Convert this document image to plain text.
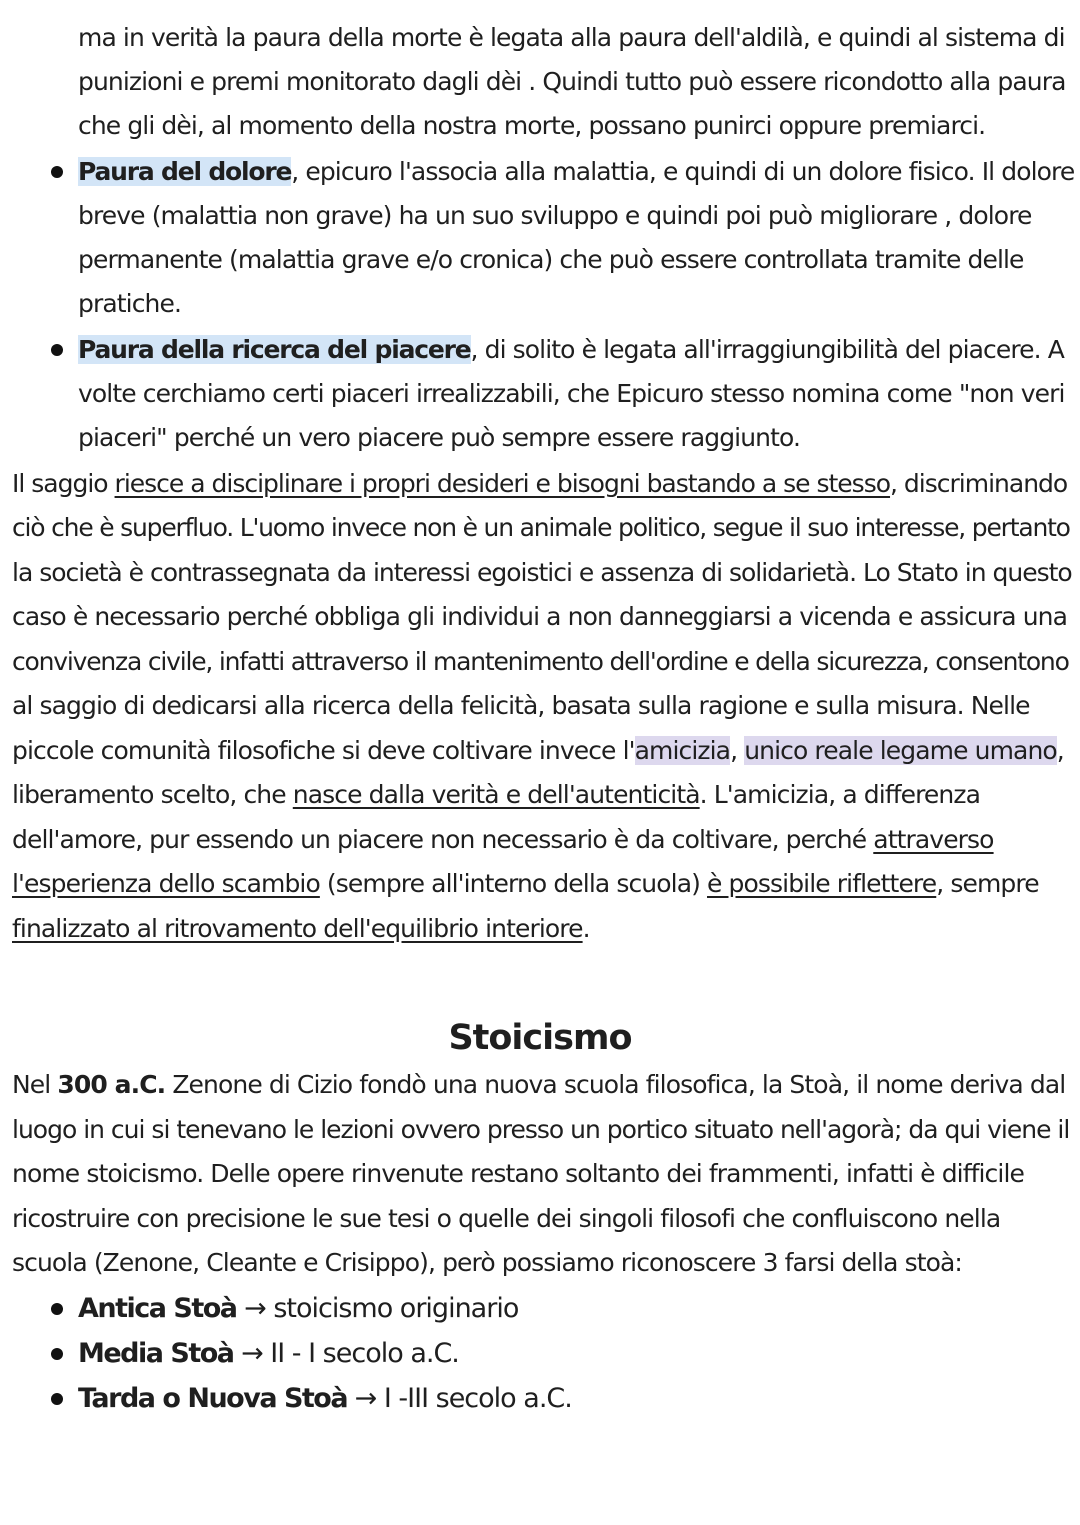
ma in verità la paura della morte è legata alla paura dell'aldilà, e quindi al sistema di
punizioni e premi monitorato dagli dèi . Quindi tutto può essere ricondotto alla paura
che gli dèi, al momento della nostra morte, possano punirci oppure premiarci.
Paura del dolore, epicuro l'associa alla malattia, e quindi di un dolore fisico. Il dolore
breve (malattia non grave) ha un suo sviluppo e quindi poi può migliorare , dolore
permanente (malattia grave e/o cronica) che può essere controllata tramite delle
pratiche.
Paura della ricerca del piacere, di solito è legata all'irraggiungibilità del piacere. A
volte cerchiamo certi piaceri irrealizzabili, che Epicuro stesso nomina come "non veri
piaceri" perché un vero piacere può sempre essere raggiunto.
Il saggio riesce a disciplinare i propri desideri e bisogni bastando a se stesso, discriminando
ciò che è superfluo. L'uomo invece non è un animale politico, segue il suo interesse, pertanto
la società è contrassegnata da interessi egoistici e assenza di solidarietà. Lo Stato in questo
caso è necessario perché obbliga gli individui a non danneggiarsi a vicenda e assicura una
convivenza civile, infatti attraverso il mantenimento dell'ordine e della sicurezza, consentono
al saggio di dedicarsi alla ricerca della felicità, basata sulla ragione e sulla misura. Nelle
piccole comunità filosofiche si deve coltivare invece l'amicizia, unico reale legame umano,
liberamento scelto, che nasce dalla verità e dell'autenticità. L'amicizia, a differenza
dell'amore, pur essendo un piacere non necessario è da coltivare, perché attraverso
l'esperienza dello scambio (sempre all'interno della scuola) è possibile riflettere, sempre
finalizzato al ritrovamento dell'equilibrio interiore.
Stoicismo
Nel 300 a.C. Zenone di Cizio fondò una nuova scuola filosofica, la Stoà, il nome deriva dal
luogo in cui si tenevano le lezioni ovvero presso un portico situato nell'agorà; da qui viene il
nome stoicismo. Delle opere rinvenute restano soltanto dei frammenti, infatti è difficile
ricostruire con precisione le sue tesi o quelle dei singoli filosofi che confluiscono nella
scuola (Zenone, Cleante e Crisippo), però possiamo riconoscere 3 farsi della stoà:
Antica Stoà → stoicismo originario
Media Stoà → II - I secolo a.C.
Tarda o Nuova Stoà → I -III secolo a.C.
